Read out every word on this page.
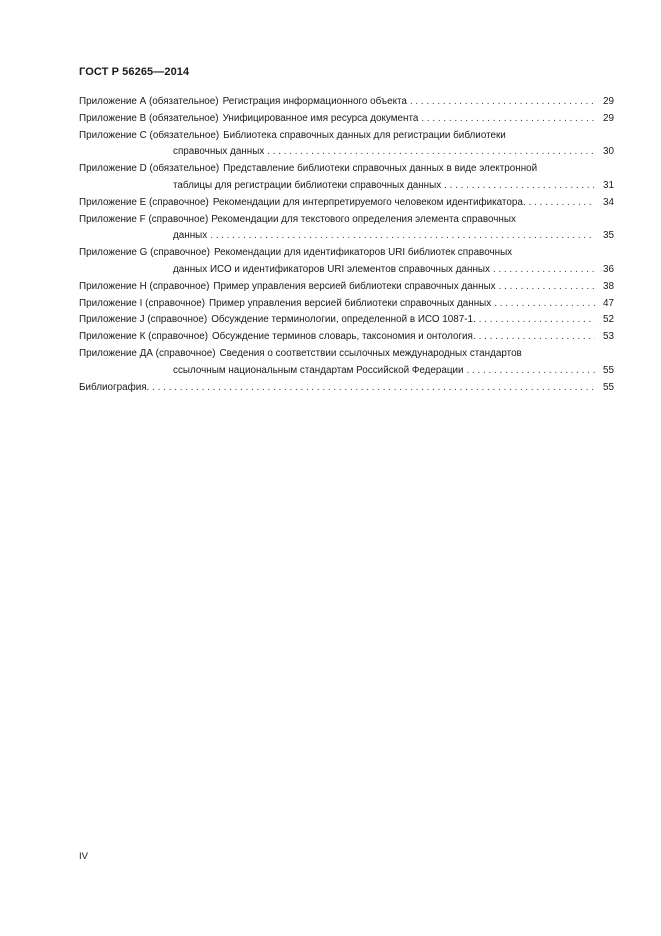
ГОСТ Р 56265—2014
Приложение А (обязательное) Регистрация информационного объекта . . .	29
Приложение В (обязательное) Унифицированное имя ресурса документа . . .	29
Приложение С (обязательное) Библиотека справочных данных для регистрации библиотеки
справочных данных . . .	30
Приложение D (обязательное) Представление библиотеки справочных данных в виде электронной
таблицы для регистрации библиотеки справочных данных . . .	31
Приложение Е (справочное) Рекомендации для интерпретируемого человеком идентификатора. . . .	34
Приложение F (справочное) Рекомендации для текстового определения элемента справочных
данных . . .	35
Приложение G (справочное) Рекомендации для идентификаторов URI библиотек справочных
данных ИСО и идентификаторов URI элементов справочных данных . . .	36
Приложение Н (справочное) Пример управления версией библиотеки справочных данных . . .	38
Приложение I (справочное) Пример управления версией библиотеки справочных данных . . .	47
Приложение J (справочное) Обсуждение терминологии, определенной в ИСО 1087-1. . . .	52
Приложение К (справочное) Обсуждение терминов словарь, таксономия и онтология. . . .	53
Приложение ДА (справочное) Сведения о соответствии ссылочных международных стандартов
ссылочным национальным стандартам Российской Федерации . . .	55
Библиография. . . .	55
IV
